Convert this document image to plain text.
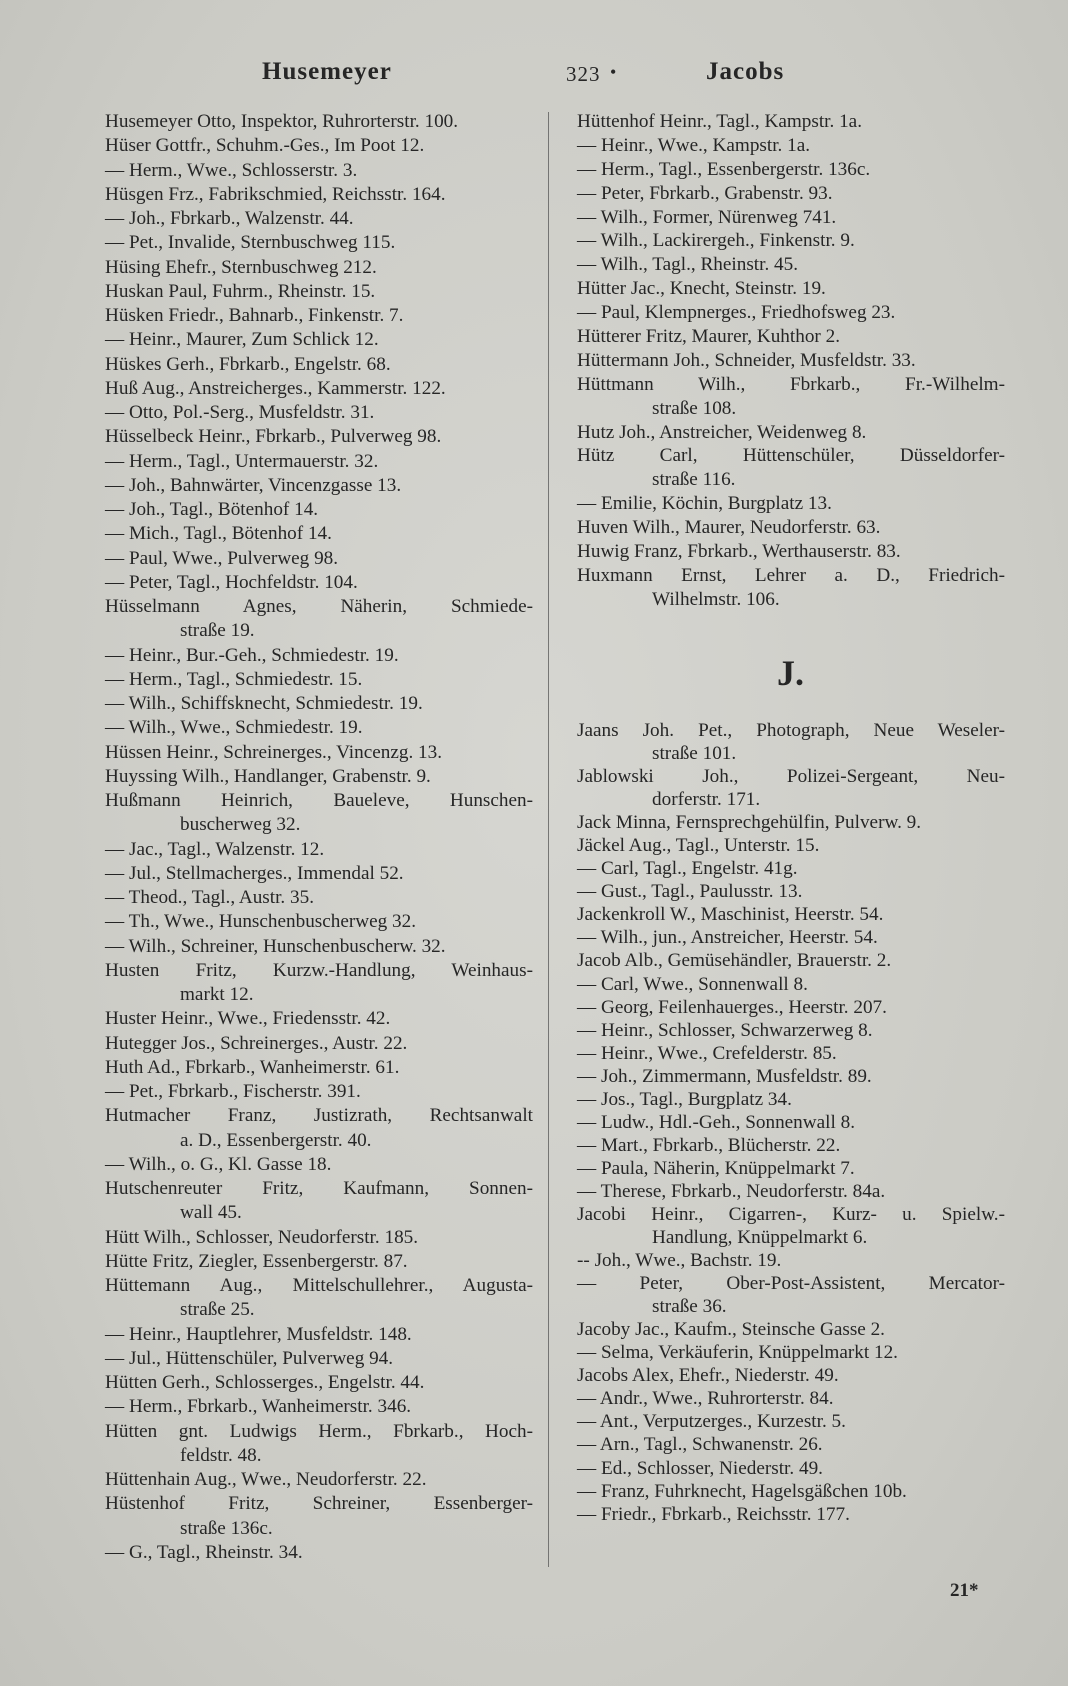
Husemeyer	323 •	Jacobs
Husemeyer Otto, Inspektor, Ruhrorterstr. 100.
Hüser Gottfr., Schuhm.-Ges., Im Poot 12.
— Herm., Wwe., Schlosserstr. 3.
Hüsgen Frz., Fabrikschmied, Reichsstr. 164.
— Joh., Fbrkarb., Walzenstr. 44.
— Pet., Invalide, Sternbuschweg 115.
Hüsing Ehefr., Sternbuschweg 212.
Huskan Paul, Fuhrm., Rheinstr. 15.
Hüsken Friedr., Bahnarb., Finkenstr. 7.
— Heinr., Maurer, Zum Schlick 12.
Hüskes Gerh., Fbrkarb., Engelstr. 68.
Huß Aug., Anstreicherges., Kammerstr. 122.
— Otto, Pol.-Serg., Musfeldstr. 31.
Hüsselbeck Heinr., Fbrkarb., Pulverweg 98.
— Herm., Tagl., Untermauerstr. 32.
— Joh., Bahnwärter, Vincenzgasse 13.
— Joh., Tagl., Bötenhof 14.
— Mich., Tagl., Bötenhof 14.
— Paul, Wwe., Pulverweg 98.
— Peter, Tagl., Hochfeldstr. 104.
Hüsselmann Agnes, Näherin, Schmiede-
straße 19.
— Heinr., Bur.-Geh., Schmiedestr. 19.
— Herm., Tagl., Schmiedestr. 15.
— Wilh., Schiffsknecht, Schmiedestr. 19.
— Wilh., Wwe., Schmiedestr. 19.
Hüssen Heinr., Schreinerges., Vincenzg. 13.
Huyssing Wilh., Handlanger, Grabenstr. 9.
Hußmann Heinrich, Baueleve, Hunschen-
buscherweg 32.
— Jac., Tagl., Walzenstr. 12.
— Jul., Stellmacherges., Immendal 52.
— Theod., Tagl., Austr. 35.
— Th., Wwe., Hunschenbuscherweg 32.
— Wilh., Schreiner, Hunschenbuscherw. 32.
Husten Fritz, Kurzw.-Handlung, Weinhaus-
markt 12.
Huster Heinr., Wwe., Friedensstr. 42.
Hutegger Jos., Schreinerges., Austr. 22.
Huth Ad., Fbrkarb., Wanheimerstr. 61.
— Pet., Fbrkarb., Fischerstr. 391.
Hutmacher Franz, Justizrath, Rechtsanwalt
a. D., Essenbergerstr. 40.
— Wilh., o. G., Kl. Gasse 18.
Hutschenreuter Fritz, Kaufmann, Sonnen-
wall 45.
Hütt Wilh., Schlosser, Neudorferstr. 185.
Hütte Fritz, Ziegler, Essenbergerstr. 87.
Hüttemann Aug., Mittelschullehrer., Augusta-
straße 25.
— Heinr., Hauptlehrer, Musfeldstr. 148.
— Jul., Hüttenschüler, Pulverweg 94.
Hütten Gerh., Schlosserges., Engelstr. 44.
— Herm., Fbrkarb., Wanheimerstr. 346.
Hütten gnt. Ludwigs Herm., Fbrkarb., Hoch-
feldstr. 48.
Hüttenhain Aug., Wwe., Neudorferstr. 22.
Hüstenhof Fritz, Schreiner, Essenberger-
straße 136c.
— G., Tagl., Rheinstr. 34.
Hüttenhof Heinr., Tagl., Kampstr. 1a.
— Heinr., Wwe., Kampstr. 1a.
— Herm., Tagl., Essenbergerstr. 136c.
— Peter, Fbrkarb., Grabenstr. 93.
— Wilh., Former, Nürenweg 741.
— Wilh., Lackirergeh., Finkenstr. 9.
— Wilh., Tagl., Rheinstr. 45.
Hütter Jac., Knecht, Steinstr. 19.
— Paul, Klempnerges., Friedhofsweg 23.
Hütterer Fritz, Maurer, Kuhthor 2.
Hüttermann Joh., Schneider, Musfeldstr. 33.
Hüttmann Wilh., Fbrkarb., Fr.-Wilhelm-
straße 108.
Hutz Joh., Anstreicher, Weidenweg 8.
Hütz Carl, Hüttenschüler, Düsseldorfer-
straße 116.
— Emilie, Köchin, Burgplatz 13.
Huven Wilh., Maurer, Neudorferstr. 63.
Huwig Franz, Fbrkarb., Werthauserstr. 83.
Huxmann Ernst, Lehrer a. D., Friedrich-
Wilhelmstr. 106.
J.
Jaans Joh. Pet., Photograph, Neue Weseler-
straße 101.
Jablowski Joh., Polizei-Sergeant, Neu-
dorferstr. 171.
Jack Minna, Fernsprechgehülfin, Pulverw. 9.
Jäckel Aug., Tagl., Unterstr. 15.
— Carl, Tagl., Engelstr. 41g.
— Gust., Tagl., Paulusstr. 13.
Jackenkroll W., Maschinist, Heerstr. 54.
— Wilh., jun., Anstreicher, Heerstr. 54.
Jacob Alb., Gemüsehändler, Brauerstr. 2.
— Carl, Wwe., Sonnenwall 8.
— Georg, Feilenhauerges., Heerstr. 207.
— Heinr., Schlosser, Schwarzerweg 8.
— Heinr., Wwe., Crefelderstr. 85.
— Joh., Zimmermann, Musfeldstr. 89.
— Jos., Tagl., Burgplatz 34.
— Ludw., Hdl.-Geh., Sonnenwall 8.
— Mart., Fbrkarb., Blücherstr. 22.
— Paula, Näherin, Knüppelmarkt 7.
— Therese, Fbrkarb., Neudorferstr. 84a.
Jacobi Heinr., Cigarren-, Kurz- u. Spielw.-
Handlung, Knüppelmarkt 6.
-- Joh., Wwe., Bachstr. 19.
— Peter, Ober-Post-Assistent, Mercator-
straße 36.
Jacoby Jac., Kaufm., Steinsche Gasse 2.
— Selma, Verkäuferin, Knüppelmarkt 12.
Jacobs Alex, Ehefr., Niederstr. 49.
— Andr., Wwe., Ruhrorterstr. 84.
— Ant., Verputzerges., Kurzestr. 5.
— Arn., Tagl., Schwanenstr. 26.
— Ed., Schlosser, Niederstr. 49.
— Franz, Fuhrknecht, Hagelsgäßchen 10b.
— Friedr., Fbrkarb., Reichsstr. 177.
21*
